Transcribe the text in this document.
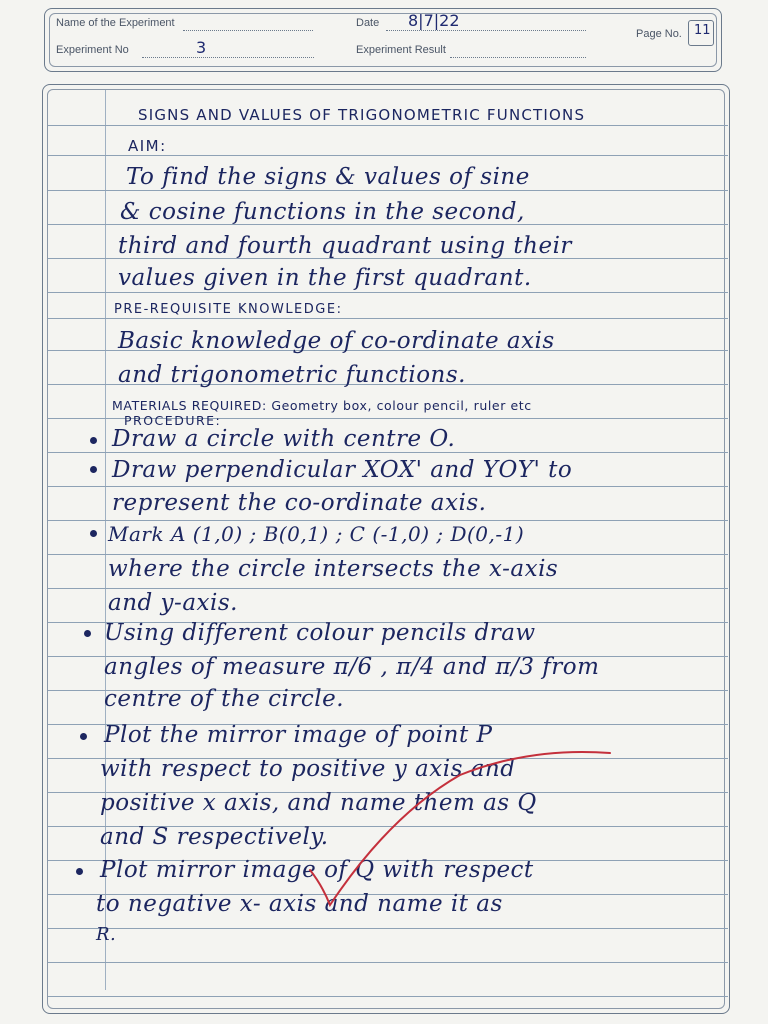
Name of the Experiment
Experiment No	3
Date 8|7|22
Experiment Result
Page No. 11
SIGNS AND VALUES OF TRIGONOMETRIC FUNCTIONS
AIM:
To find the signs & values of sine
& cosine functions in the second,
third and fourth quadrant using their
values given in the first quadrant.
PRE-REQUISITE KNOWLEDGE:
Basic knowledge of co-ordinate axis
and trigonometric functions.
MATERIALS REQUIRED: Geometry box, colour pencil, ruler etc
PROCEDURE:
Draw a circle with centre O.
Draw perpendicular XOX' and YOY' to
represent the co-ordinate axis.
Mark A (1,0) ; B(0,1) ; C (-1,0) ; D(0,-1)
where the circle intersects the x-axis
and y-axis.
Using different colour pencils draw
angles of measure π/6 , π/4 and π/3 from
centre of the circle.
Plot the mirror image of point P
with respect to positive y axis and
positive x axis, and name them as Q
and S respectively.
Plot mirror image of Q with respect
to negative x- axis and name it as
R.
